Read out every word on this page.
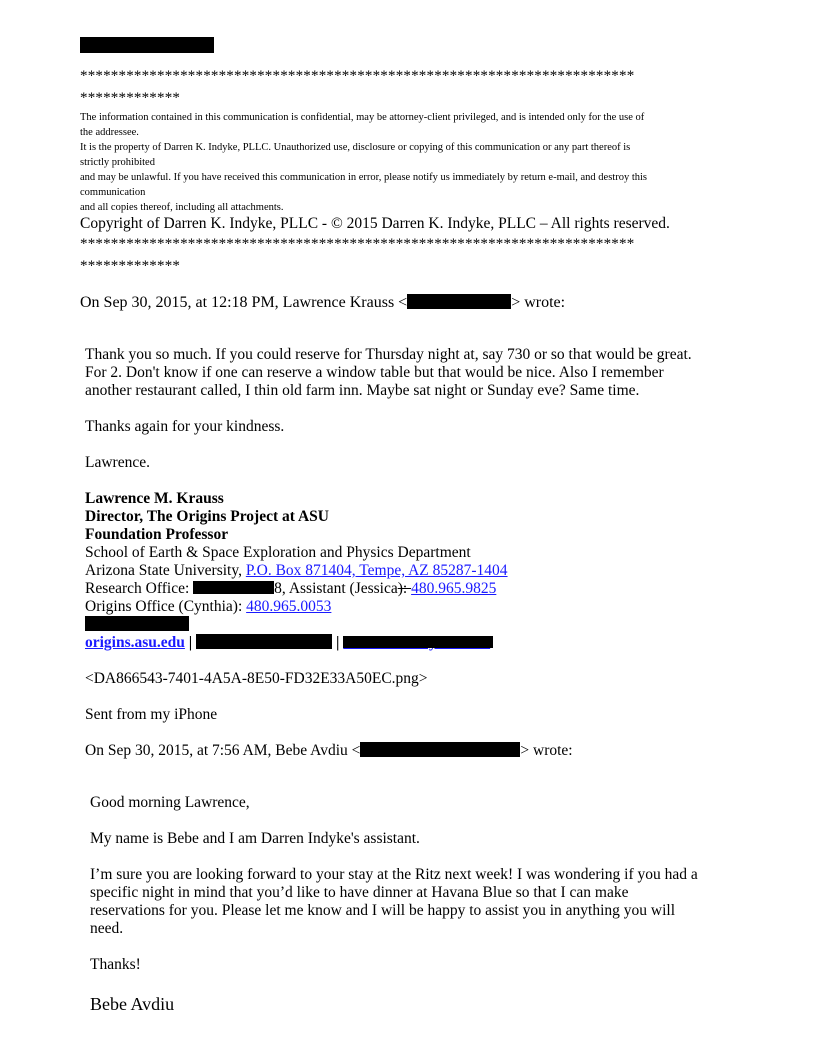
************************************************************************
*************
The information contained in this communication is confidential, may be attorney-client privileged, and is intended only for the use of
the addressee.
It is the property of Darren K. Indyke, PLLC. Unauthorized use, disclosure or copying of this communication or any part thereof is
strictly prohibited
and may be unlawful. If you have received this communication in error, please notify us immediately by return e-mail, and destroy this
communication
and all copies thereof, including all attachments.
Copyright of Darren K. Indyke, PLLC - © 2015 Darren K. Indyke, PLLC – All rights reserved.
************************************************************************
*************
On Sep 30, 2015, at 12:18 PM, Lawrence Krauss <	> wrote:
Thank you so much. If you could reserve for Thursday night at, say 730 or so that would be great.
For 2. Don't know if one can reserve a window table but that would be nice. Also I remember
another restaurant called, I thin old farm inn. Maybe sat night or Sunday eve? Same time.
Thanks again for your kindness.
Lawrence.
Lawrence M. Krauss
Director, The Origins Project at ASU
Foundation Professor
School of Earth & Space Exploration and Physics Department
Arizona State University, P.O. Box 871404, Tempe, AZ 85287-1404
Research Office:	8, Assistant (Jessica): 480.965.9825
Origins Office (Cynthia): 480.965.0053
origins.asu.edu |	|
<DA866543-7401-4A5A-8E50-FD32E33A50EC.png>
Sent from my iPhone
On Sep 30, 2015, at 7:56 AM, Bebe Avdiu <	> wrote:
Good morning Lawrence,
My name is Bebe and I am Darren Indyke's assistant.
I’m sure you are looking forward to your stay at the Ritz next week! I was wondering if you had a
specific night in mind that you’d like to have dinner at Havana Blue so that I can make
reservations for you. Please let me know and I will be happy to assist you in anything you will
need.
Thanks!
Bebe Avdiu
